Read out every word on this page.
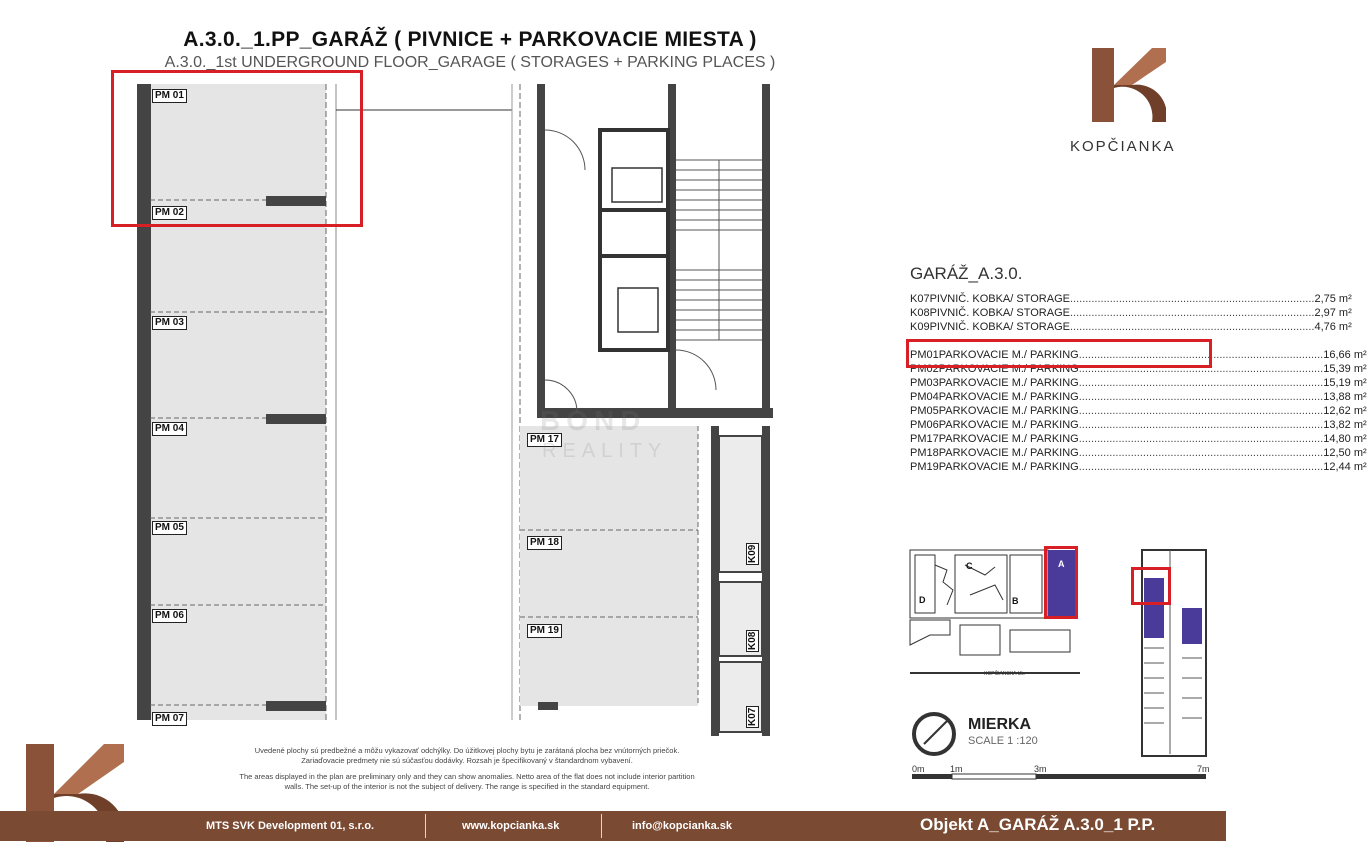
A.3.0._1.PP_GARÁŽ ( PIVNICE + PARKOVACIE MIESTA )
A.3.0._1st UNDERGROUND FLOOR_GARAGE ( STORAGES + PARKING PLACES )
PM 01
PM 02
PM 03
PM 04
PM 05
PM 06
PM 07
PM 17
PM 18
PM 19
K09
K08
K07
BOND
REALITY
KOPČIANKA
GARÁŽ_A.3.0.
K07 PIVNIČ. KOBKA/ STORAGE ................................................................................ 2,75 m²
K08 PIVNIČ. KOBKA/ STORAGE ................................................................................ 2,97 m²
K09 PIVNIČ. KOBKA/ STORAGE ................................................................................ 4,76 m²
PM01 PARKOVACIE M./ PARKING ................................................................................ 16,66 m²
PM02 PARKOVACIE M./ PARKING ................................................................................ 15,39 m²
PM03 PARKOVACIE M./ PARKING ................................................................................ 15,19 m²
PM04 PARKOVACIE M./ PARKING ................................................................................ 13,88 m²
PM05 PARKOVACIE M./ PARKING ................................................................................ 12,62 m²
PM06 PARKOVACIE M./ PARKING ................................................................................ 13,82 m²
PM17 PARKOVACIE M./ PARKING ................................................................................ 14,80 m²
PM18 PARKOVACIE M./ PARKING ................................................................................ 12,50 m²
PM19 PARKOVACIE M./ PARKING ................................................................................ 12,44 m²
A
B
C
D
KOPČIANSKA UL.
MIERKA
SCALE 1 :120
0m	1m	3m	7m
Uvedené plochy sú predbežné a môžu vykazovať odchýlky. Do úžitkovej plochy bytu je zarátaná plocha bez vnútorných priečok. Zariaďovacie predmety nie sú súčasťou dodávky. Rozsah je špecifikovaný v štandardnom vybavení.
The areas displayed in the plan are preliminary only and they can show anomalies. Netto area of the flat does not include interior partition walls. The set-up of the interior is not the subject of delivery. The range is specified in the standard equipment.
MTS SVK Development 01, s.r.o.	www.kopcianka.sk	info@kopcianka.sk	Objekt A_GARÁŽ A.3.0_1 P.P.
